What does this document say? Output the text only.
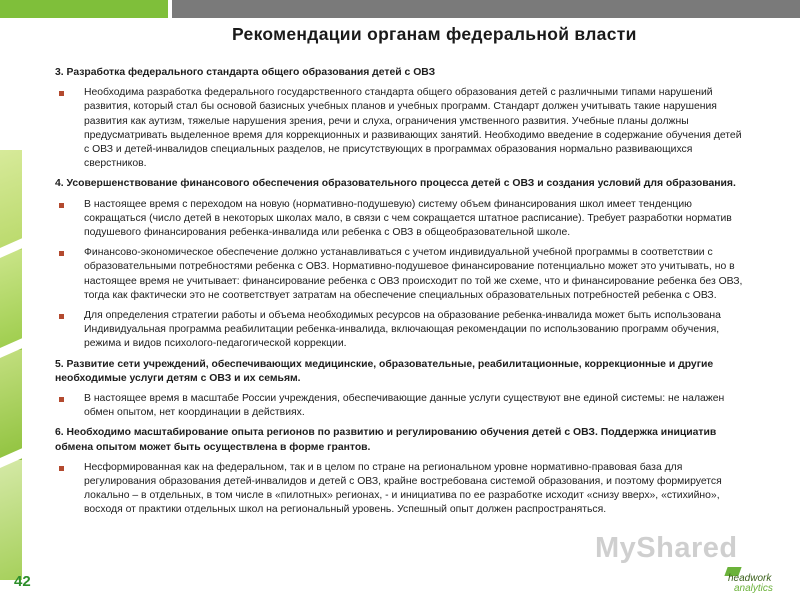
Рекомендации органам федеральной власти
3. Разработка федерального стандарта общего образования детей с ОВЗ
Необходима разработка федерального государственного стандарта общего образования детей с различными типами нарушений развития, который стал бы основой базисных учебных планов и учебных программ. Стандарт должен учитывать такие нарушения развития как аутизм, тяжелые нарушения зрения, речи и слуха, ограничения умственного развития. Учебные планы должны предусматривать выделенное время для коррекционных и развивающих занятий. Необходимо введение в содержание обучения детей с ОВЗ и детей-инвалидов специальных разделов, не присутствующих в программах образования нормально развивающихся сверстников.
4. Усовершенствование финансового обеспечения образовательного процесса детей с ОВЗ и создания условий для образования.
В настоящее время с переходом на новую (нормативно-подушевую) систему объем финансирования школ имеет тенденцию сокращаться (число детей в некоторых школах мало, в связи с чем сокращается штатное расписание). Требует разработки норматив подушевого финансирования ребенка-инвалида или ребенка с ОВЗ в общеобразовательной школе.
Финансово-экономическое обеспечение должно устанавливаться с учетом индивидуальной учебной программы в соответствии с образовательными потребностями ребенка с ОВЗ. Нормативно-подушевое финансирование потенциально может это учитывать, но в настоящее время не учитывает: финансирование ребенка с ОВЗ происходит по той же схеме, что и финансирование ребенка без ОВЗ, тогда как фактически это не соответствует затратам на обеспечение специальных образовательных потребностей ребенка с ОВЗ.
Для определения стратегии работы и объема необходимых ресурсов на образование ребенка-инвалида может быть использована Индивидуальная программа реабилитации ребенка-инвалида, включающая рекомендации по использованию программ обучения, режима и видов психолого-педагогической коррекции.
5. Развитие сети учреждений, обеспечивающих медицинские, образовательные, реабилитационные, коррекционные и другие необходимые услуги детям с ОВЗ и их семьям.
В настоящее время в масштабе России учреждения, обеспечивающие данные услуги существуют вне единой системы: не налажен обмен опытом, нет координации в действиях.
6. Необходимо масштабирование опыта регионов по развитию и регулированию обучения детей с ОВЗ. Поддержка инициатив обмена опытом может быть осуществлена в форме грантов.
Несформированная как на федеральном, так и в целом по стране на региональном уровне нормативно-правовая база для регулирования образования детей-инвалидов и детей с ОВЗ, крайне востребована системой образования, и поэтому формируется локально – в отдельных, в том числе в «пилотных» регионах, - и инициатива по ее разработке исходит «снизу вверх», «стихийно», восходя от практики отдельных школ на региональный уровень. Успешный опыт должен распространяться.
MyShared
42	headwork
analytics
